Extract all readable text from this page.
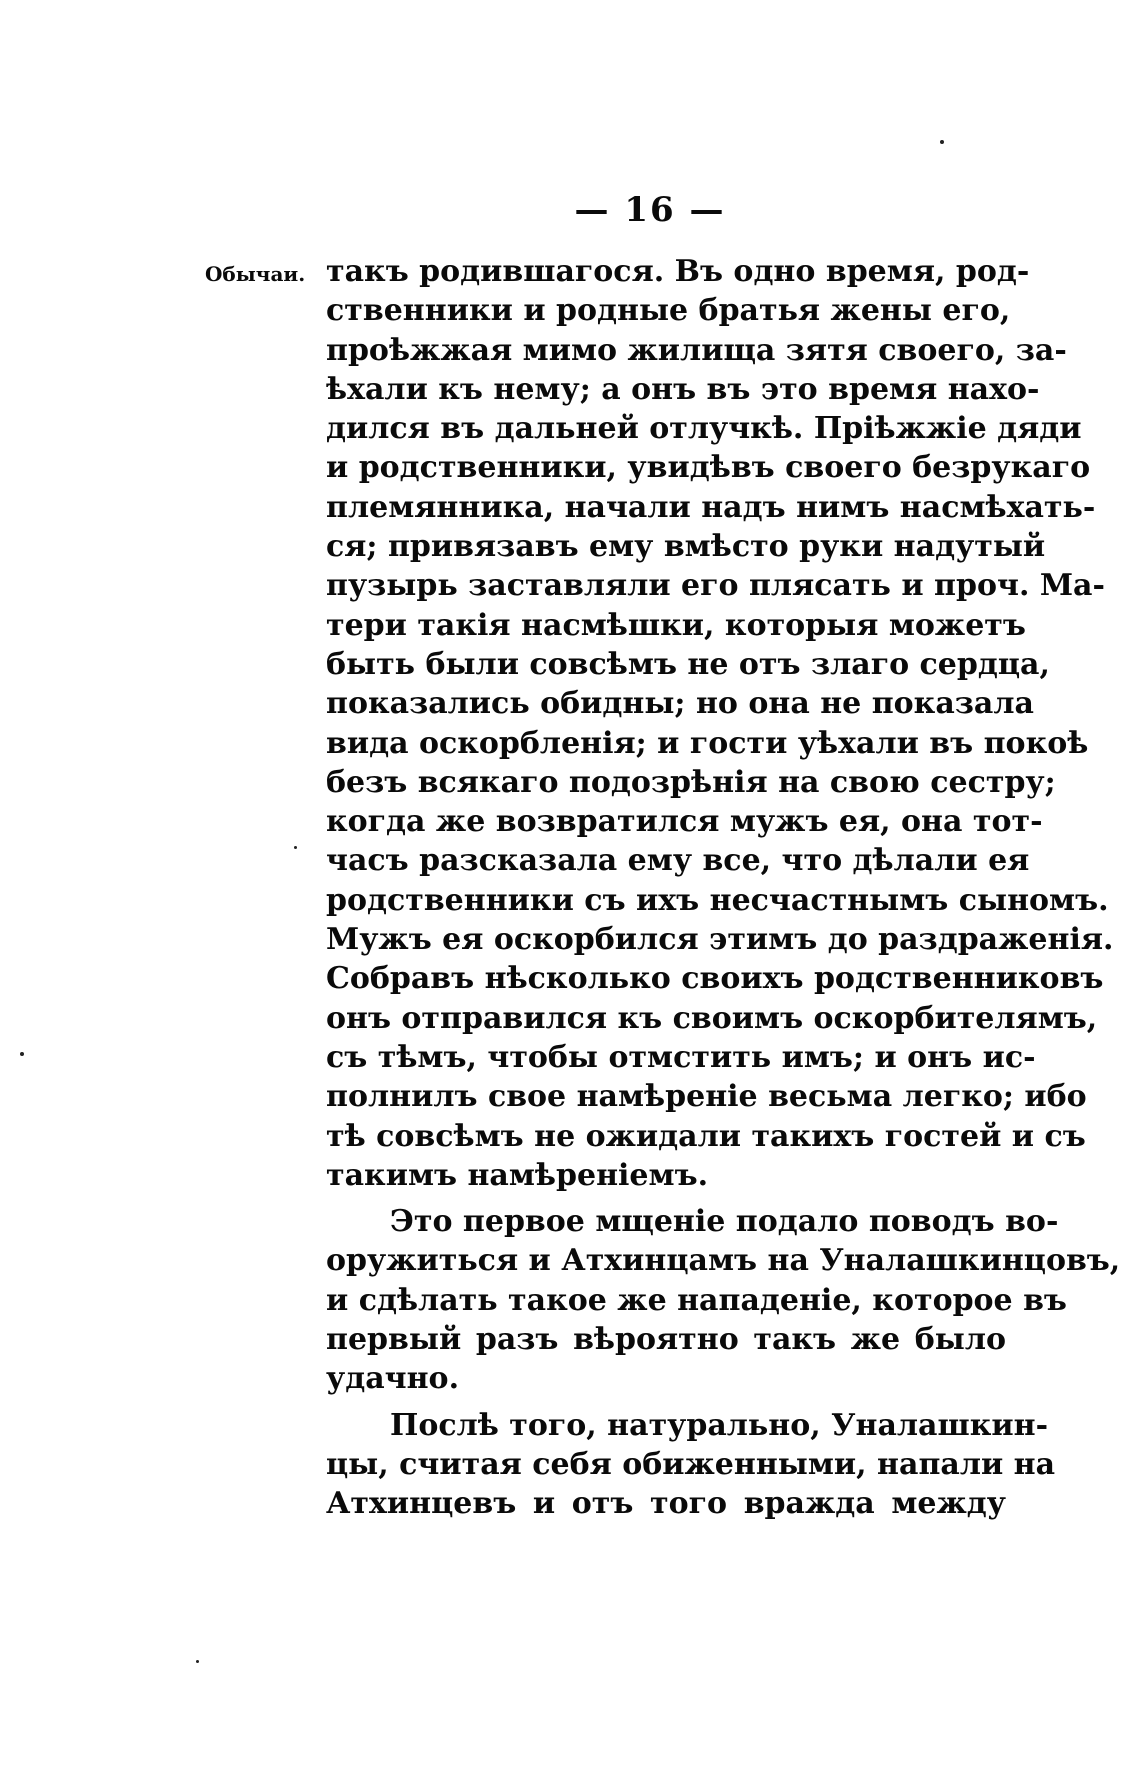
— 16 —
Обычаи. такъ родившагося. Въ одно время, род-
ственники и родные братья жены его,
проѣжжая мимо жилища зятя своего, за-
ѣхали къ нему; а онъ въ это время нахо-
дился въ дальней отлучкѣ. Пріѣжжіе дяди
и родственники, увидѣвъ своего безрукаго
племянника, начали надъ нимъ насмѣхать-
ся; привязавъ ему вмѣсто руки надутый
пузырь заставляли его плясать и проч. Ма-
тери такія насмѣшки, которыя можетъ
быть были совсѣмъ не отъ злаго сердца,
показались обидны; но она не показала
вида оскорбленія; и гости уѣхали въ покоѣ
безъ всякаго подозрѣнія на свою сестру;
когда же возвратился мужъ ея, она тот-
часъ разсказала ему все, что дѣлали ея
родственники съ ихъ несчастнымъ сыномъ.
Мужъ ея оскорбился этимъ до раздраженія.
Собравъ нѣсколько своихъ родственниковъ
онъ отправился къ своимъ оскорбителямъ,
съ тѣмъ, чтобы отмстить имъ; и онъ ис-
полнилъ свое намѣреніе весьма легко; ибо
тѣ совсѣмъ не ожидали такихъ гостей и съ
такимъ намѣреніемъ.
Это первое мщеніе подало поводъ во-
оружиться и Атхинцамъ на Уналашкинцовъ,
и сдѣлать такое же нападеніе, которое въ
первый разъ вѣроятно такъ же было
удачно.
Послѣ того, натурально, Уналашкин-
цы, считая себя обиженными, напали на
Атхинцевъ и отъ того вражда между
